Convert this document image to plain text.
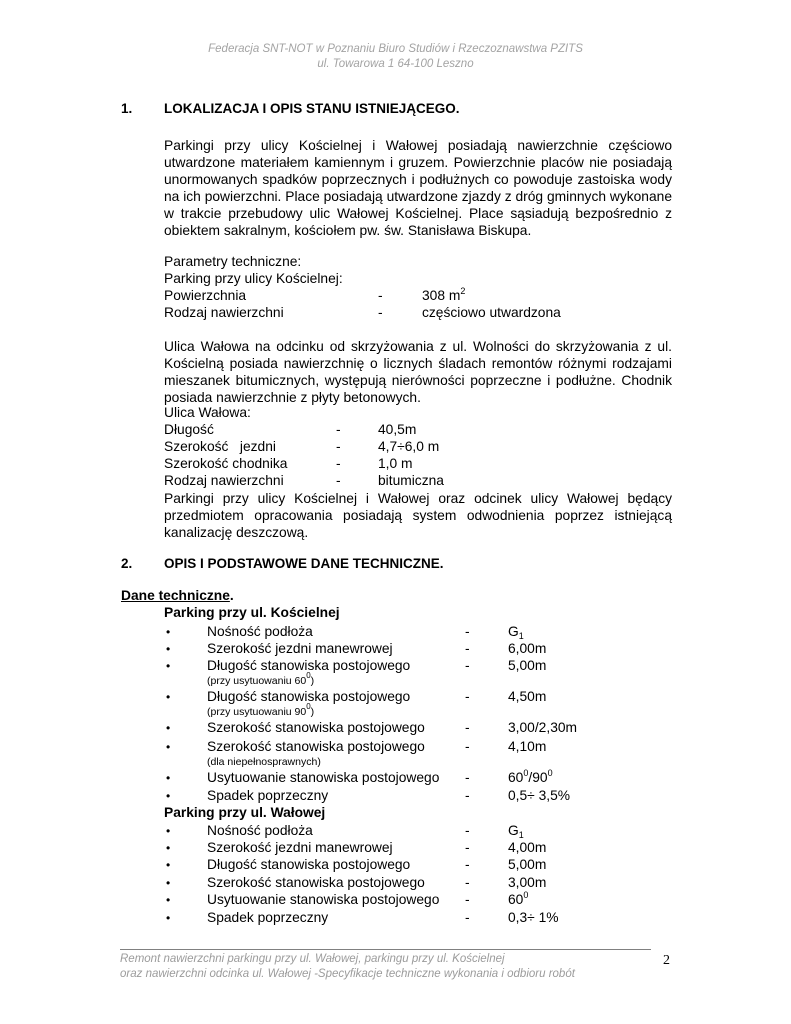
Federacja SNT-NOT w Poznaniu Biuro Studiów i Rzeczoznawstwa PZITS
ul. Towarowa 1 64-100 Leszno
1. LOKALIZACJA I OPIS STANU ISTNIEJĄCEGO.
Parkingi przy ulicy Kościelnej i Wałowej posiadają nawierzchnie częściowo utwardzone materiałem kamiennym i gruzem. Powierzchnie placów nie posiadają unormowanych spadków poprzecznych i podłużnych co powoduje zastoiska wody na ich powierzchni. Place posiadają utwardzone zjazdy z dróg gminnych wykonane w trakcie przebudowy ulic Wałowej Kościelnej. Place sąsiadują bezpośrednio z obiektem sakralnym, kościołem pw. św. Stanisława Biskupa.
Parametry techniczne:
Parking przy ulicy Kościelnej:
Powierzchnia	-	308 $m^2$
Rodzaj nawierzchni	-	częściowo utwardzona
Ulica Wałowa na odcinku od skrzyżowania z ul. Wolności do skrzyżowania z ul. Kościelną posiada nawierzchnię o licznych śladach remontów różnymi rodzajami mieszanek bitumicznych, występują nierówności poprzeczne i podłużne. Chodnik posiada nawierzchnie z płyty betonowych.
Ulica Wałowa:
Długość	-	40,5m
Szerokość   jezdni	-	4,7÷6,0 m
Szerokość chodnika	-	1,0 m
Rodzaj nawierzchni	-	bitumiczna
Parkingi przy ulicy Kościelnej i Wałowej oraz odcinek ulicy Wałowej będący przedmiotem opracowania posiadają system odwodnienia poprzez istniejącą kanalizację deszczową.
2. OPIS I PODSTAWOWE DANE TECHNICZNE.
Dane techniczne.
Parking przy ul. Kościelnej
•	Nośność podłoża	-	$G_1$
•	Szerokość jezdni manewrowej	-	6,00m
•	Długość stanowiska postojowego	-	5,00m
(przy usytuowaniu $60^0$)
•	Długość stanowiska postojowego	-	4,50m
(przy usytuowaniu $90^0$)
•	Szerokość stanowiska postojowego	-	3,00/2,30m
•	Szerokość stanowiska postojowego	-	4,10m
(dla niepełnosprawnych)
•	Usytuowanie stanowiska postojowego -	$60^0/90^0$
•	Spadek poprzeczny	-	0,5÷ 3,5%
Parking przy ul. Wałowej
•	Nośność podłoża	-	$G_1$
•	Szerokość jezdni manewrowej	-	4,00m
•	Długość stanowiska postojowego	-	5,00m
•	Szerokość stanowiska postojowego	-	3,00m
•	Usytuowanie stanowiska postojowego -	$60^0$
•	Spadek poprzeczny	-	0,3÷ 1%
Remont nawierzchni parkingu przy ul. Wałowej, parkingu przy ul. Kościelnej
oraz nawierzchni odcinka ul. Wałowej -Specyfikacje techniczne wykonania i odbioru robót
2
